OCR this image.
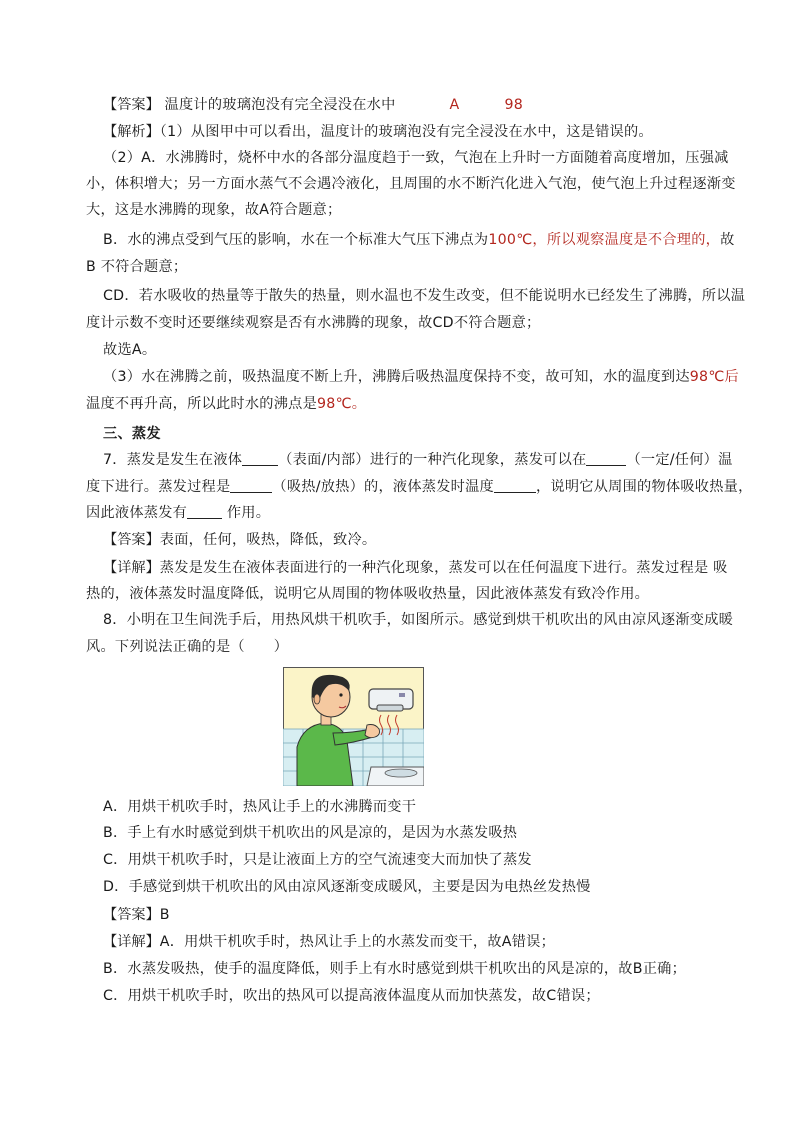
【答案】 温度计的玻璃泡没有完全浸没在水中	A	98
【解析】（1）从图甲中可以看出，温度计的玻璃泡没有完全浸没在水中，这是错误的。
（2）A．水沸腾时，烧杯中水的各部分温度趋于一致，气泡在上升时一方面随着高度增加，压强减
小，体积增大；另一方面水蒸气不会遇冷液化，且周围的水不断汽化进入气泡，使气泡上升过程逐渐变
大，这是水沸腾的现象，故A符合题意；
B．水的沸点受到气压的影响，水在一个标准大气压下沸点为100℃，所以观察温度是不合理的，故
B 不符合题意；
CD．若水吸收的热量等于散失的热量，则水温也不发生改变，但不能说明水已经发生了沸腾，所以温
度计示数不变时还要继续观察是否有水沸腾的现象，故CD不符合题意；
故选A。
（3）水在沸腾之前，吸热温度不断上升，沸腾后吸热温度保持不变，故可知，水的温度到达98℃后
温度不再升高，所以此时水的沸点是98℃。
三、蒸发
7．蒸发是发生在液体	（表面/内部）进行的一种汽化现象，蒸发可以在	（一定/任何）温
度下进行。蒸发过程是	（吸热/放热）的，液体蒸发时温度	，说明它从周围的物体吸收热量，
因此液体蒸发有 作用。
【答案】表面，任何，吸热，降低，致冷。
【详解】蒸发是发生在液体表面进行的一种汽化现象，蒸发可以在任何温度下进行。蒸发过程是 吸
热的，液体蒸发时温度降低，说明它从周围的物体吸收热量，因此液体蒸发有致冷作用。
8．小明在卫生间洗手后，用热风烘干机吹手，如图所示。感觉到烘干机吹出的风由凉风逐渐变成暖
风。下列说法正确的是（　　）
A．用烘干机吹手时，热风让手上的水沸腾而变干
B．手上有水时感觉到烘干机吹出的风是凉的，是因为水蒸发吸热
C．用烘干机吹手时，只是让液面上方的空气流速变大而加快了蒸发
D．手感觉到烘干机吹出的风由凉风逐渐变成暖风，主要是因为电热丝发热慢
【答案】B
【详解】A．用烘干机吹手时，热风让手上的水蒸发而变干，故A错误；
B．水蒸发吸热，使手的温度降低，则手上有水时感觉到烘干机吹出的风是凉的，故B正确；
C．用烘干机吹手时，吹出的热风可以提高液体温度从而加快蒸发，故C错误；
